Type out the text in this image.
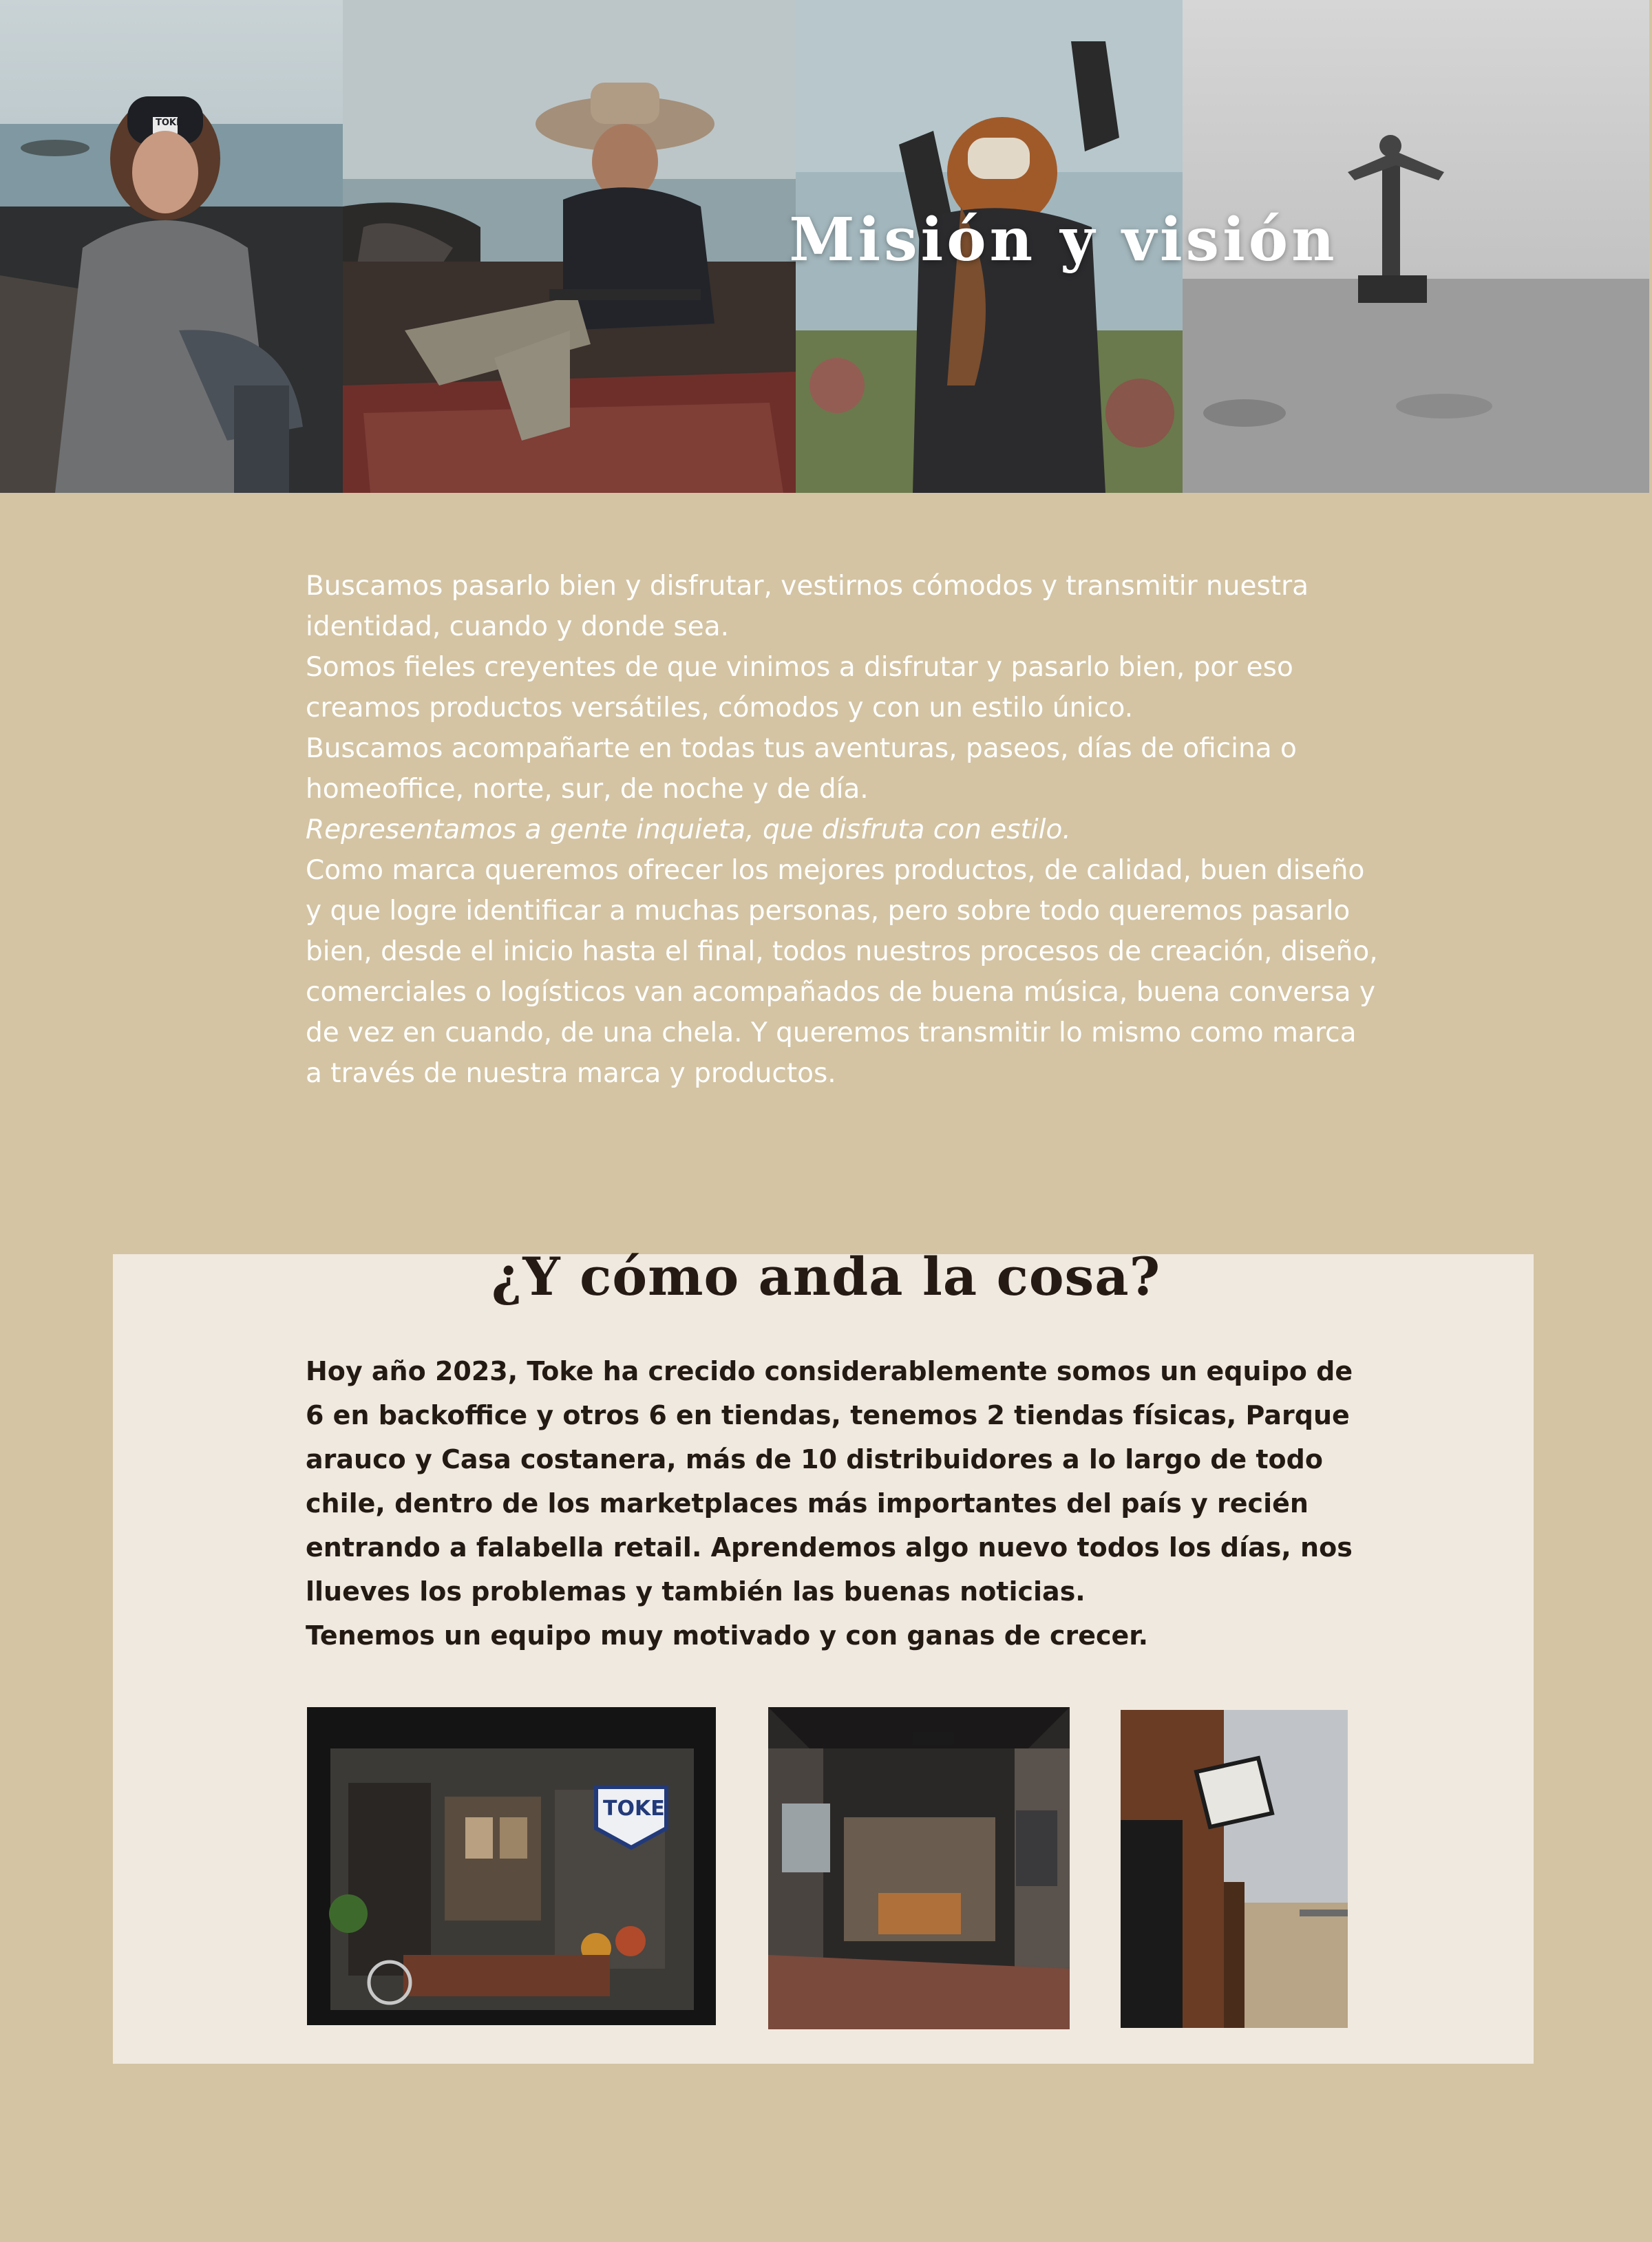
TOKE
Misión y visión

Buscamos pasarlo bien y disfrutar, vestirnos cómodos y transmitir nuestra identidad, cuando y donde sea.

Somos fieles creyentes de que vinimos a disfrutar y pasarlo bien, por eso creamos productos versátiles, cómodos y con un estilo único.

Buscamos acompañarte en todas tus aventuras, paseos, días de oficina o homeoffice, norte, sur, de noche y de día.

Representamos a gente inquieta, que disfruta con estilo.

Como marca queremos ofrecer los mejores productos, de calidad, buen diseño y que logre identificar a muchas personas, pero sobre todo queremos pasarlo bien, desde el inicio hasta el final, todos nuestros procesos de creación, diseño, comerciales o logísticos van acompañados de buena música, buena conversa y de vez en cuando, de una chela. Y queremos transmitir lo mismo como marca a través de nuestra marca y productos.

¿Y cómo anda la cosa?

Hoy año 2023, Toke ha crecido considerablemente somos un equipo de 6 en backoffice y otros 6 en tiendas, tenemos 2 tiendas físicas, Parque arauco y Casa costanera, más de 10 distribuidores a lo largo de todo chile, dentro de los marketplaces más importantes del país y recién entrando a falabella retail. Aprendemos algo nuevo todos los días, nos llueves los problemas y también las buenas noticias.

Tenemos un equipo muy motivado y con ganas de crecer.

TOKE
